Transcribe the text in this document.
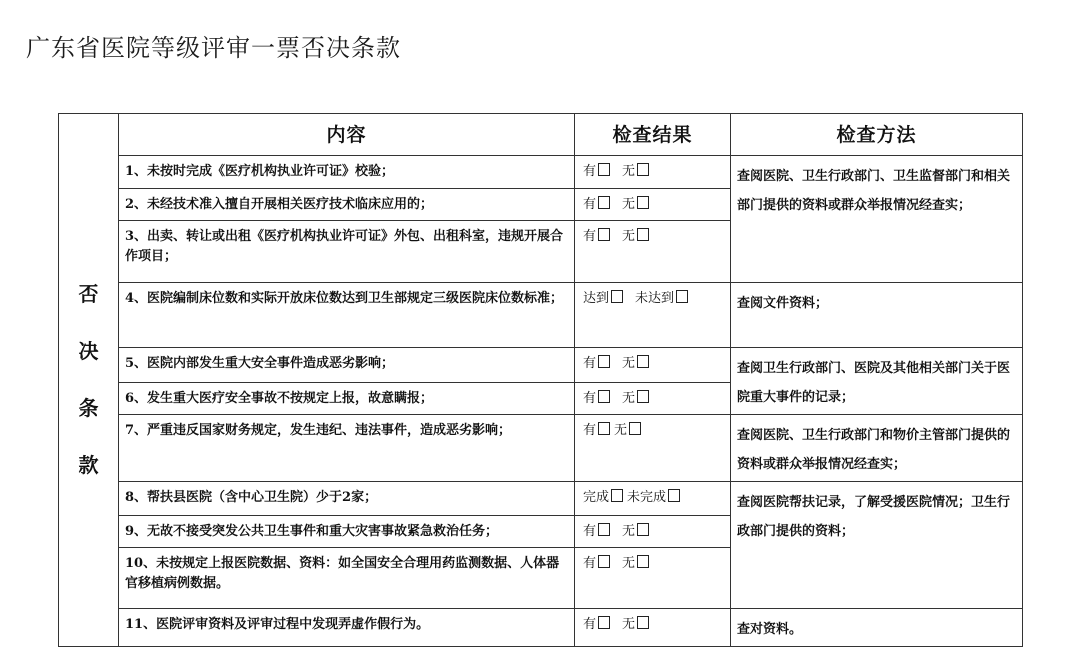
广东省医院等级评审一票否决条款
否决条款	内容	检查结果	检查方法
	1、未按时完成《医疗机构执业许可证》校验；	有 无	查阅医院、卫生行政部门、卫生监督部门和相关部门提供的资料或群众举报情况经查实；
	2、未经技术准入擅自开展相关医疗技术临床应用的；	有 无	
	3、出卖、转让或出租《医疗机构执业许可证》外包、出租科室，违规开展合作项目；	有 无	
	4、医院编制床位数和实际开放床位数达到卫生部规定三级医院床位数标准；	达到 未达到	查阅文件资料；
	5、医院内部发生重大安全事件造成恶劣影响；	有 无	查阅卫生行政部门、医院及其他相关部门关于医院重大事件的记录；
	6、发生重大医疗安全事故不按规定上报，故意瞒报；	有 无	
	7、严重违反国家财务规定，发生违纪、违法事件，造成恶劣影响；	有 无	查阅医院、卫生行政部门和物价主管部门提供的资料或群众举报情况经查实；
	8、帮扶县医院（含中心卫生院）少于2家；	完成 未完成	查阅医院帮扶记录，了解受援医院情况；卫生行政部门提供的资料；
	9、无故不接受突发公共卫生事件和重大灾害事故紧急救治任务；	有 无	
	10、未按规定上报医院数据、资料：如全国安全合理用药监测数据、人体器官移植病例数据。	有 无	
	11、医院评审资料及评审过程中发现弄虚作假行为。	有 无	查对资料。
